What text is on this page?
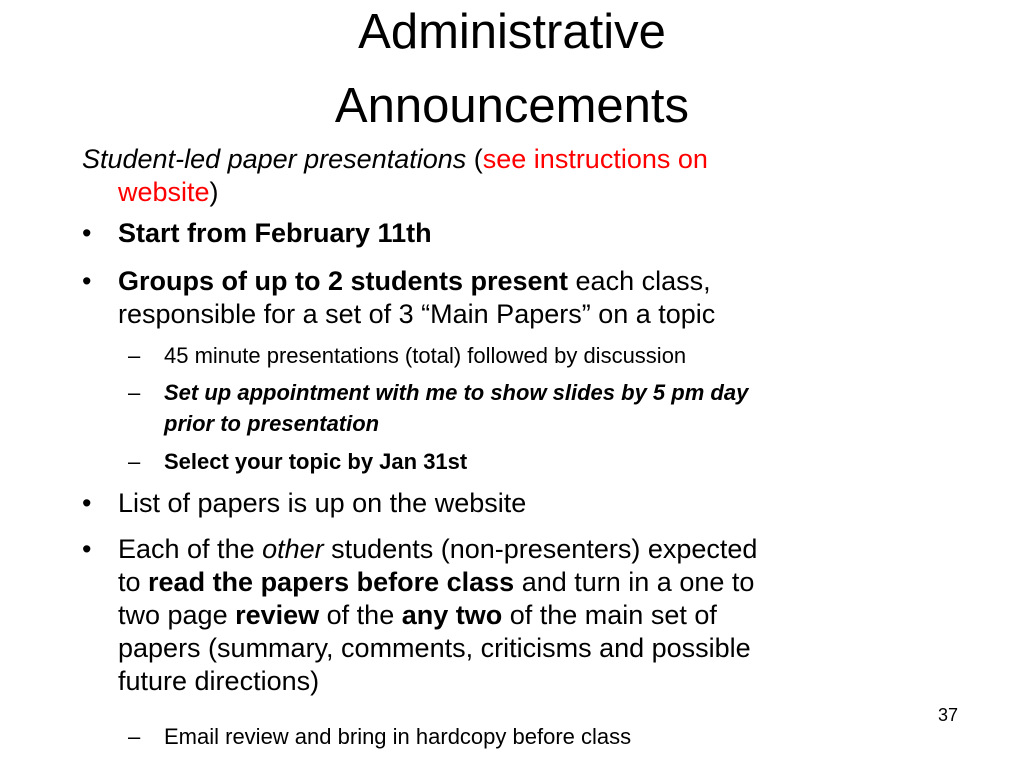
Administrative
Announcements
Student-led paper presentations (see instructions on
website)
• Start from February 11th
• Groups of up to 2 students present each class,
responsible for a set of 3 “Main Papers” on a topic
– 45 minute presentations (total) followed by discussion
– Set up appointment with me to show slides by 5 pm day
prior to presentation
– Select your topic by Jan 31st
• List of papers is up on the website
• Each of the other students (non-presenters) expected
to read the papers before class and turn in a one to
two page review of the any two of the main set of
papers (summary, comments, criticisms and possible
future directions)
– Email review and bring in hardcopy before class
37
